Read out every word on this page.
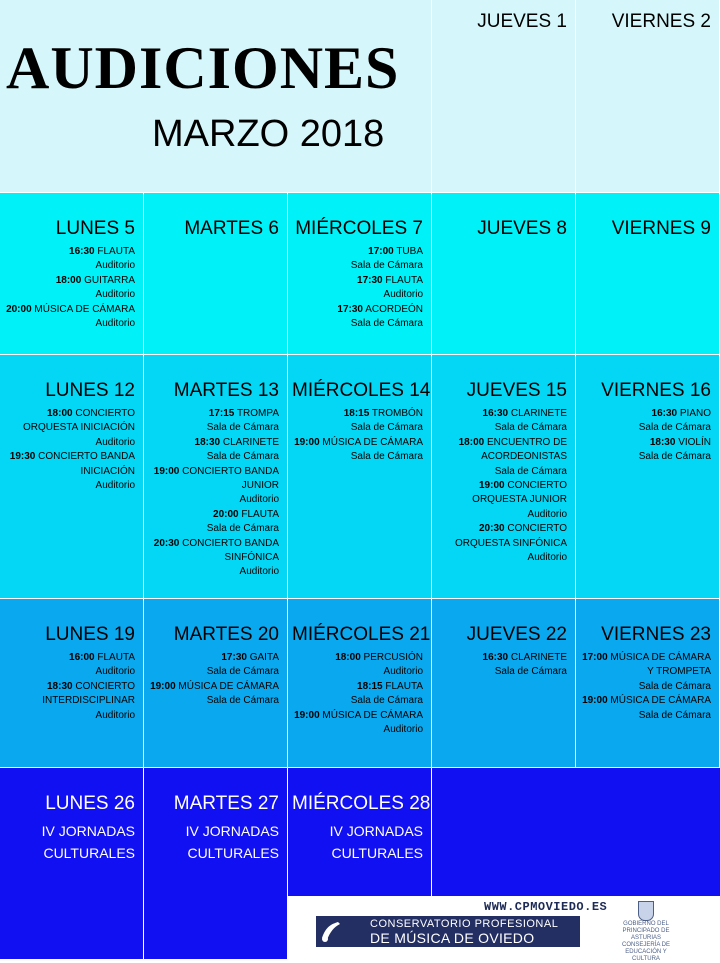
AUDICIONES
MARZO 2018
JUEVES 1	VIERNES 2
LUNES 5
16:30 FLAUTA
Auditorio
18:00 GUITARRA
Auditorio
20:00 MÚSICA DE CÁMARA
Auditorio
MARTES 6 MIÉRCOLES 7
17:00 TUBA
Sala de Cámara
17:30 FLAUTA
Auditorio
17:30 ACORDEÓN
Sala de Cámara
JUEVES 8	VIERNES 9
LUNES 12
18:00 CONCIERTO ORQUESTA INICIACIÓN
Auditorio
19:30 CONCIERTO BANDA INICIACIÓN
Auditorio
MARTES 13
17:15 TROMPA
Sala de Cámara
18:30 CLARINETE
Sala de Cámara
19:00 CONCIERTO BANDA JUNIOR
Auditorio
20:00 FLAUTA
Sala de Cámara
20:30 CONCIERTO BANDA SINFÓNICA
Auditorio
MIÉRCOLES 14
18:15 TROMBÓN
Sala de Cámara
19:00 MÚSICA DE CÁMARA
Sala de Cámara
JUEVES 15
16:30 CLARINETE
Sala de Cámara
18:00 ENCUENTRO DE ACORDEONISTAS
Sala de Cámara
19:00 CONCIERTO ORQUESTA JUNIOR
Auditorio
20:30 CONCIERTO ORQUESTA SINFÓNICA
Auditorio
VIERNES 16
16:30 PIANO
Sala de Cámara
18:30 VIOLÍN
Sala de Cámara
LUNES 19
16:00 FLAUTA
Auditorio
18:30 CONCIERTO INTERDISCIPLINAR
Auditorio
MARTES 20
17:30 GAITA
Sala de Cámara
19:00 MÚSICA DE CÁMARA
Sala de Cámara
MIÉRCOLES 21
18:00 PERCUSIÓN
Auditorio
18:15 FLAUTA
Sala de Cámara
19:00 MÚSICA DE CÁMARA
Auditorio
JUEVES 22
16:30 CLARINETE
Sala de Cámara
VIERNES 23
17:00 MÚSICA DE CÁMARA Y TROMPETA
Sala de Cámara
19:00 MÚSICA DE CÁMARA
Sala de Cámara
LUNES 26
IV JORNADAS CULTURALES
MARTES 27
IV JORNADAS CULTURALES
MIÉRCOLES 28
IV JORNADAS CULTURALES
WWW.CPMOVIEDO.ES
CONSERVATORIO PROFESIONAL
DE MÚSICA DE OVIEDO
GOBIERNO DEL PRINCIPADO DE ASTURIAS
CONSEJERÍA DE EDUCACIÓN Y CULTURA
